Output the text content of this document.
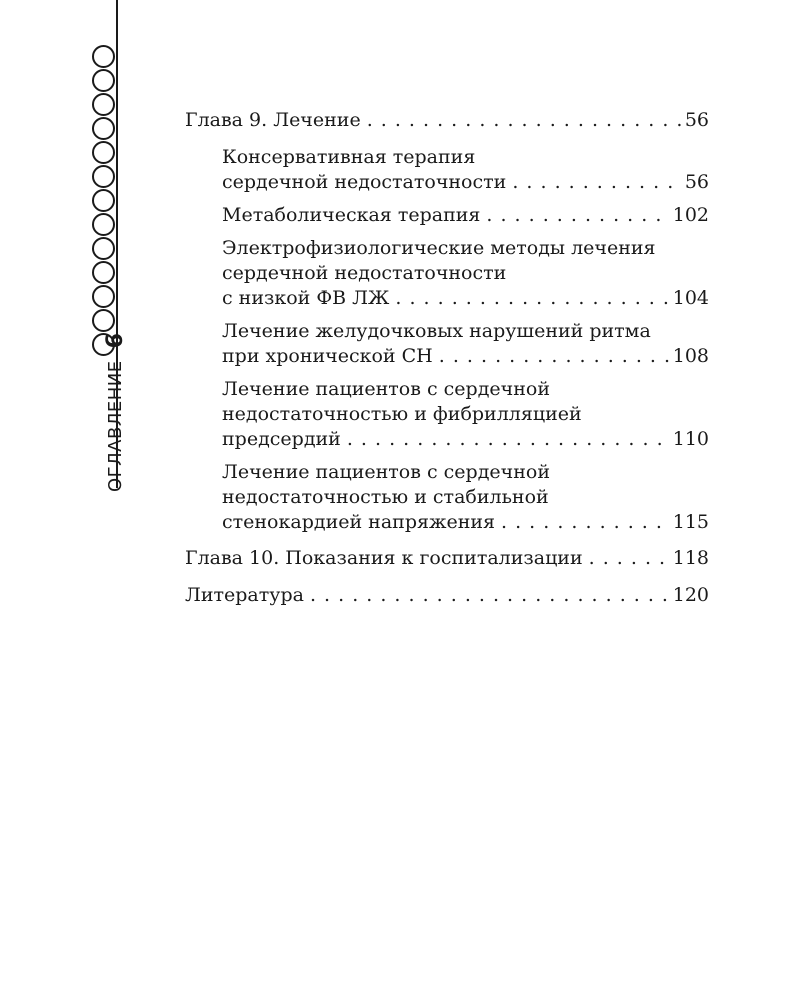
ОГЛАВЛЕНИЕ
6
Глава 9. Лечение . . .	56
Консервативная терапия
сердечной недостаточности . . .	56
Метаболическая терапия . . .	102
Электрофизиологические методы лечения
сердечной недостаточности
с низкой ФВ ЛЖ . . .	104
Лечение желудочковых нарушений ритма
при хронической СН . . .	108
Лечение пациентов с сердечной
недостаточностью и фибрилляцией
предсердий . . .	110
Лечение пациентов с сердечной
недостаточностью и стабильной
стенокардией напряжения . . .	115
Глава 10. Показания к госпитализации . . .	118
Литература . . .	120
